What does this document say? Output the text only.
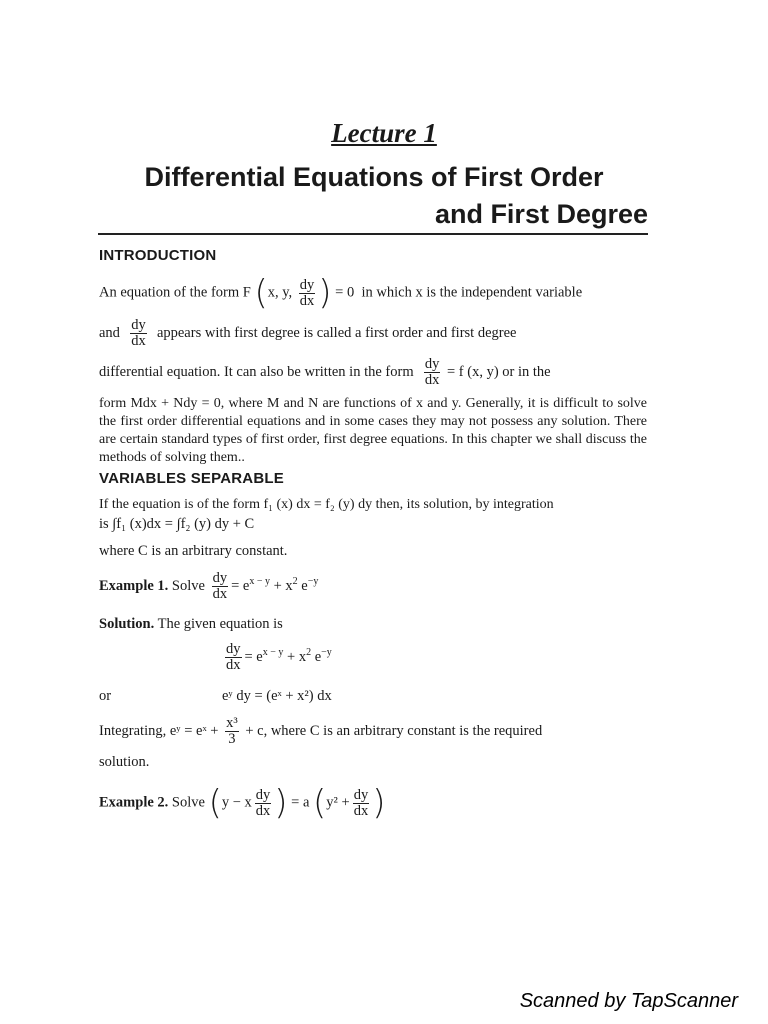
Lecture 1
Differential Equations of First Order
and First Degree
INTRODUCTION
An equation of the form F (x, y, $\frac{dy}{dx}$ ) = 0 in which x is the independent variable
and $\frac{dy}{dx}$ appears with first degree is called a first order and first degree
differential equation. It can also be written in the form $\frac{dy}{dx} = f$ (x, y) or in the
form Mdx + Ndy = 0, where M and N are functions of x and y. Generally, it is difficult to solve the first order differential equations and in some cases they may not possess any solution. There are certain standard types of first order, first degree equations. In this chapter we shall discuss the methods of solving them..
VARIABLES SEPARABLE
If the equation is of the form f₁ (x) dx = f₂ (y) dy then, its solution, by integration
is ∫f₁ (x)dx = ∫f₂ (y) dy + C
where C is an arbitrary constant.
Example 1. Solve $\frac{dy}{dx} = e^{x - y} + x^2$ $e^{-y}$
Solution. The given equation is
$\frac{dy}{dx} = e^{x - y} + x^2$ $e^{-y}$
or	eʸ dy = (eˣ + x²) dx
Integrating, eʸ = eˣ + $\frac{\text{x³}}{3} + c$, where C is an arbitrary constant is the required
solution.
Example 2. Solve (y − x $\frac{dy}{dx}$ ) = a ($y^2 + \frac{dy}{dx}$ )
Scanned by TapScanner
